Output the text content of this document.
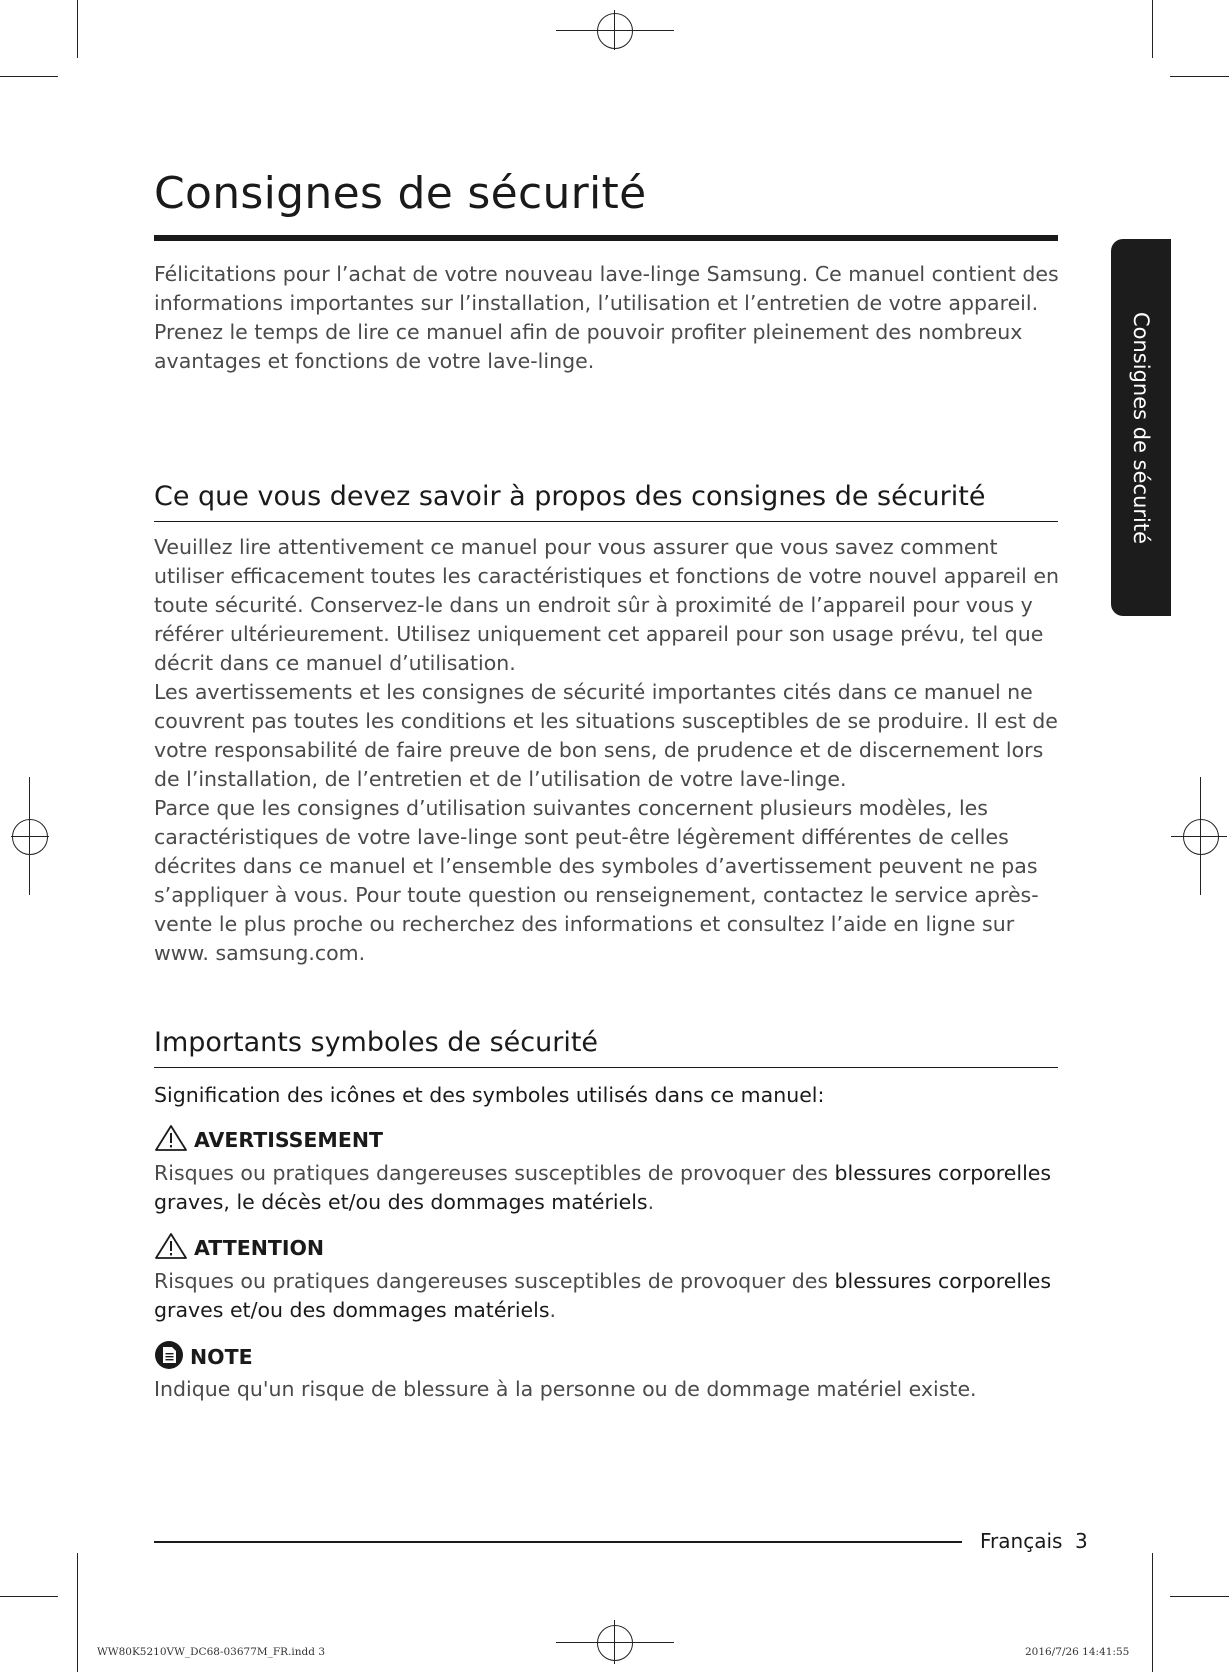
Consignes de sécurité

Félicitations pour l’achat de votre nouveau lave-linge Samsung. Ce manuel contient des informations importantes sur l’installation, l’utilisation et l’entretien de votre appareil. Prenez le temps de lire ce manuel afin de pouvoir profiter pleinement des nombreux avantages et fonctions de votre lave-linge.

Ce que vous devez savoir à propos des consignes de sécurité

Veuillez lire attentivement ce manuel pour vous assurer que vous savez comment utiliser efficacement toutes les caractéristiques et fonctions de votre nouvel appareil en toute sécurité. Conservez-le dans un endroit sûr à proximité de l’appareil pour vous y référer ultérieurement. Utilisez uniquement cet appareil pour son usage prévu, tel que décrit dans ce manuel d’utilisation.

Les avertissements et les consignes de sécurité importantes cités dans ce manuel ne couvrent pas toutes les conditions et les situations susceptibles de se produire. Il est de votre responsabilité de faire preuve de bon sens, de prudence et de discernement lors de l’installation, de l’entretien et de l’utilisation de votre lave-linge.

Parce que les consignes d’utilisation suivantes concernent plusieurs modèles, les caractéristiques de votre lave-linge sont peut-être légèrement différentes de celles décrites dans ce manuel et l’ensemble des symboles d’avertissement peuvent ne pas s’appliquer à vous. Pour toute question ou renseignement, contactez le service après-vente le plus proche ou recherchez des informations et consultez l’aide en ligne sur www. samsung.com.

Importants symboles de sécurité

Signification des icônes et des symboles utilisés dans ce manuel:

AVERTISSEMENT

Risques ou pratiques dangereuses susceptibles de provoquer des blessures corporelles graves, le décès et/ou des dommages matériels.

ATTENTION

Risques ou pratiques dangereuses susceptibles de provoquer des blessures corporelles graves et/ou des dommages matériels.

NOTE

Indique qu'un risque de blessure à la personne ou de dommage matériel existe.

Consignes de sécurité
Français 3
WW80K5210VW_DC68-03677M_FR.indd 3	2016/7/26 14:41:55
